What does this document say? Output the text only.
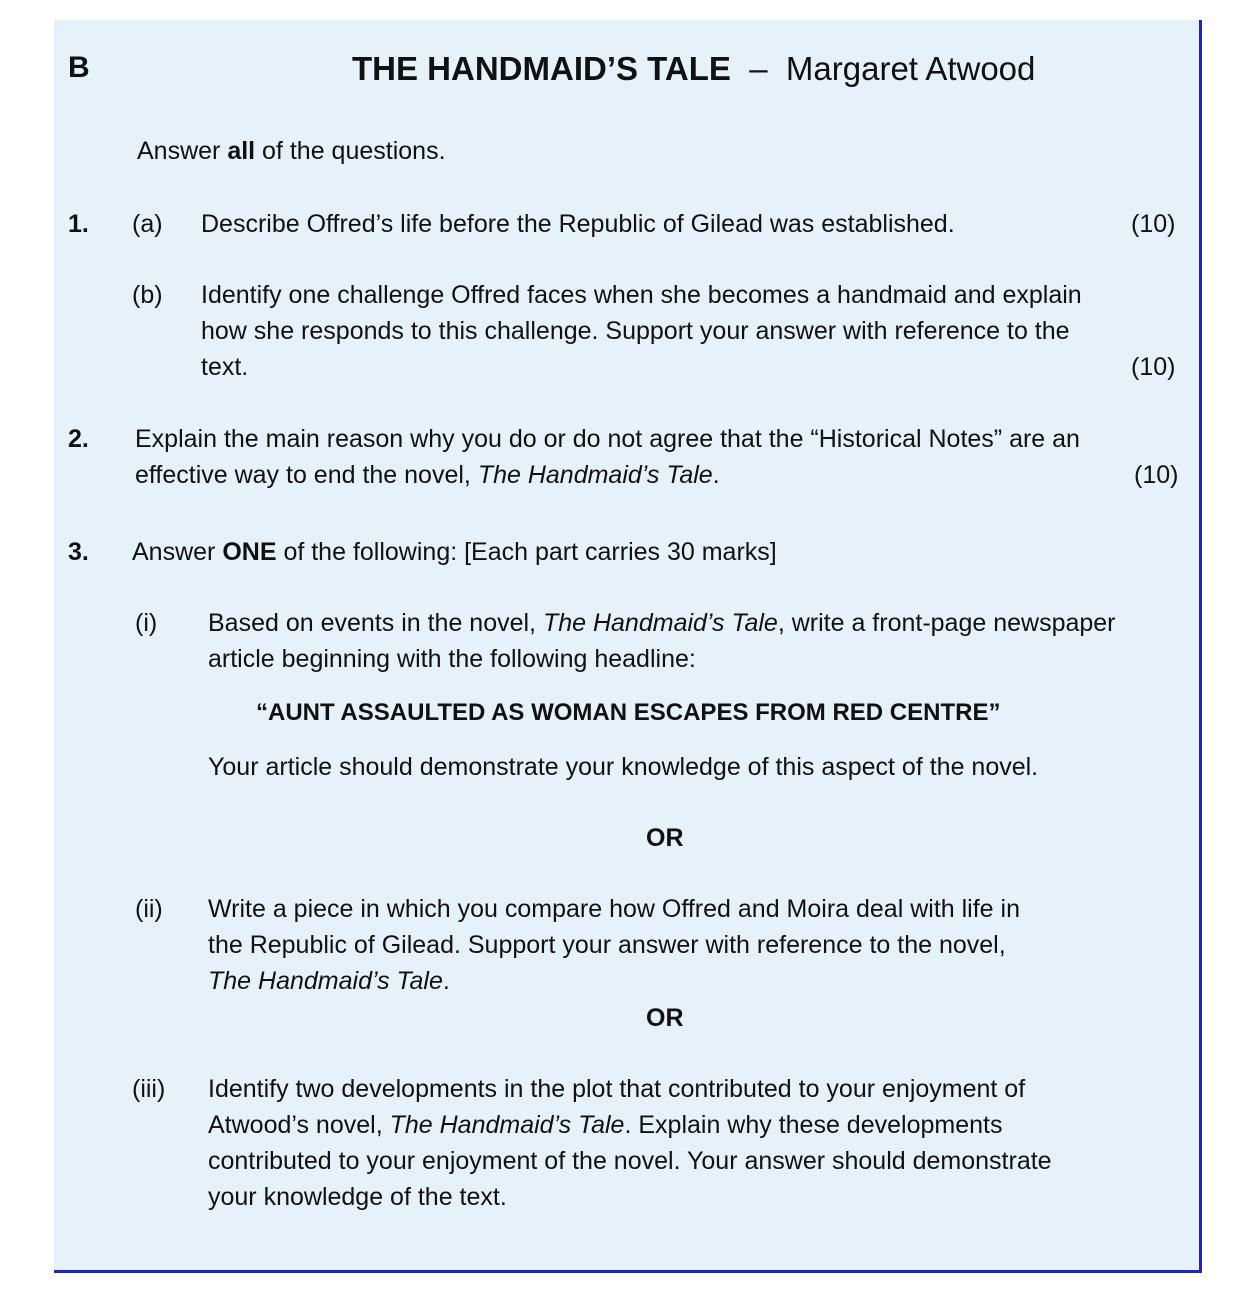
B	THE HANDMAID’S TALE – Margaret Atwood
Answer all of the questions.
1. (a) Describe Offred’s life before the Republic of Gilead was established.	(10)
(b) Identify one challenge Offred faces when she becomes a handmaid and explain
how she responds to this challenge. Support your answer with reference to the
text.	(10)
2. Explain the main reason why you do or do not agree that the “Historical Notes” are an
effective way to end the novel, The Handmaid’s Tale.	(10)
3. Answer ONE of the following: [Each part carries 30 marks]
(i) Based on events in the novel, The Handmaid’s Tale, write a front-page newspaper
article beginning with the following headline:
“AUNT ASSAULTED AS WOMAN ESCAPES FROM RED CENTRE”
Your article should demonstrate your knowledge of this aspect of the novel.
OR
(ii) Write a piece in which you compare how Offred and Moira deal with life in
the Republic of Gilead. Support your answer with reference to the novel,
The Handmaid’s Tale.
OR
(iii) Identify two developments in the plot that contributed to your enjoyment of
Atwood’s novel, The Handmaid’s Tale. Explain why these developments
contributed to your enjoyment of the novel. Your answer should demonstrate
your knowledge of the text.
